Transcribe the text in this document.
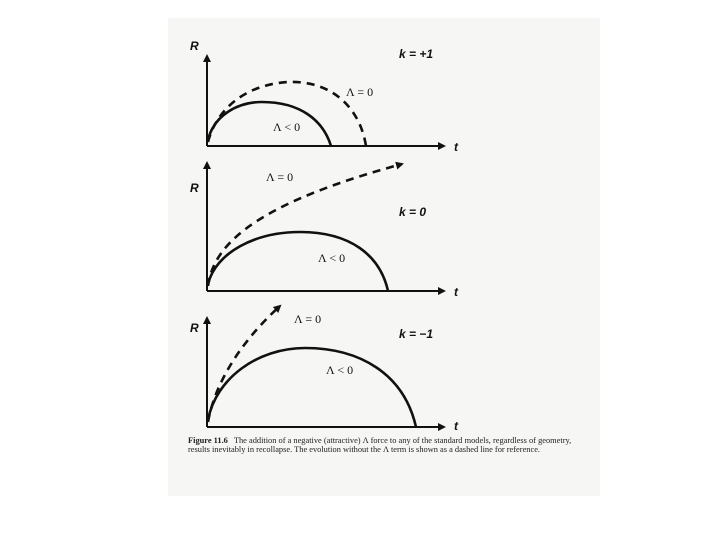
R
t
k = +1
Λ = 0
Λ < 0
R
t
k = 0
Λ = 0
Λ < 0
R
t
k = −1
Λ = 0
Λ < 0
Figure 11.6 The addition of a negative (attractive) Λ force to any of the standard models, regardless of geometry, results inevitably in recollapse. The evolution without the Λ term is shown as a dashed line for reference.
